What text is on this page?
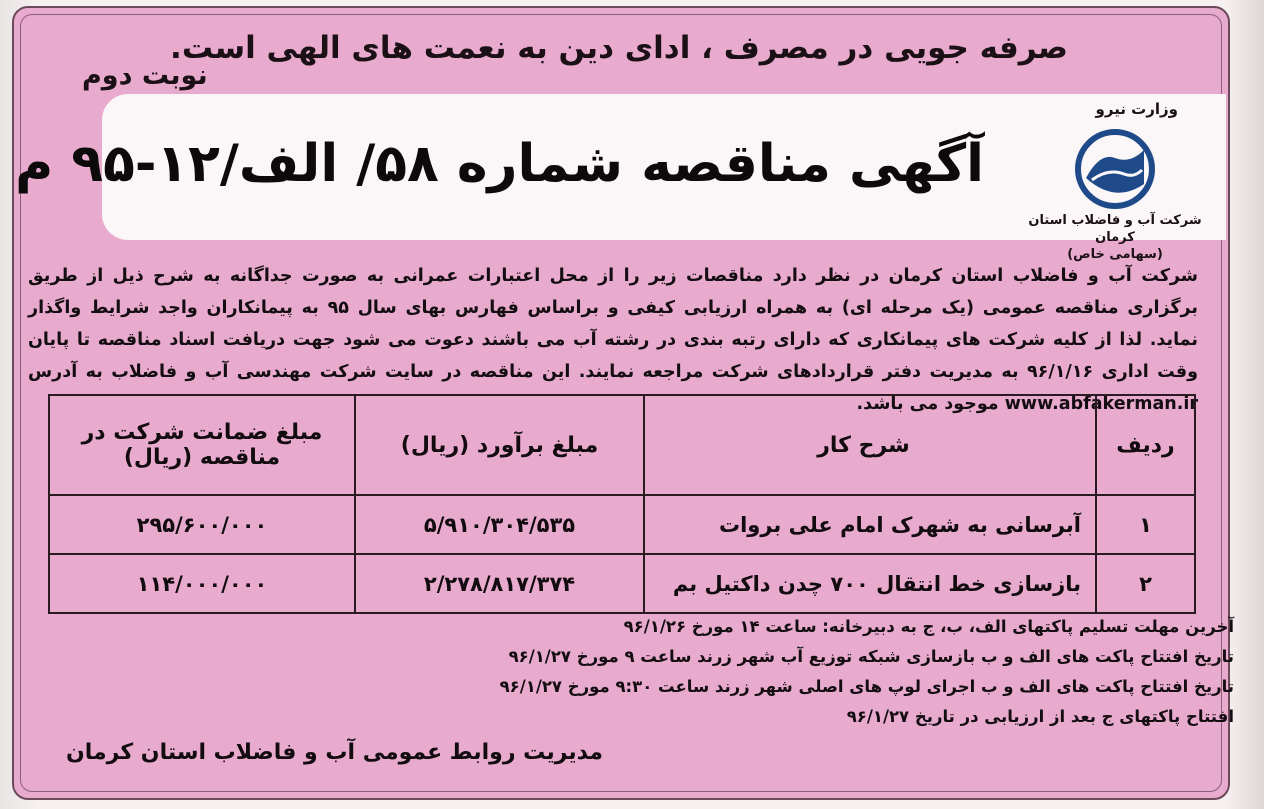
صرفه جویی در مصرف ، ادای دین به نعمت های الهی است.
نوبت دوم
آگهی مناقصه شماره ۵۸/ الف/۱۲-۹۵ م
وزارت نیرو
شرکت آب و فاضلاب استان کرمان
(سهامی خاص)
شرکت آب و فاضلاب استان کرمان در نظر دارد مناقصات زیر را از محل اعتبارات عمرانی به صورت جداگانه به شرح ذیل از طریق برگزاری مناقصه عمومی (یک مرحله ای) به همراه ارزیابی کیفی و براساس فهارس بهای سال ۹۵ به پیمانکاران واجد شرایط واگذار نماید. لذا از کلیه شرکت های پیمانکاری که دارای رتبه بندی در رشته آب می باشند دعوت می شود جهت دریافت اسناد مناقصه تا پایان وقت اداری ۹۶/۱/۱۶ به مدیریت دفتر قراردادهای شرکت مراجعه نمایند. این مناقصه در سایت شرکت مهندسی آب و فاضلاب به آدرس www.abfakerman.ir موجود می باشد.
ردیف	شرح کار	مبلغ برآورد (ریال)	مبلغ ضمانت شرکت در مناقصه (ریال)
۱	آبرسانی به شهرک امام علی بروات	۵/۹۱۰/۳۰۴/۵۳۵	۲۹۵/۶۰۰/۰۰۰
۲	بازسازی خط انتقال ۷۰۰ چدن داکتیل بم	۲/۲۷۸/۸۱۷/۳۷۴	۱۱۴/۰۰۰/۰۰۰
آخرین مهلت تسلیم پاکتهای الف، ب، ج به دبیرخانه: ساعت ۱۴ مورخ ۹۶/۱/۲۶
تاریخ افتتاح پاکت های الف و ب بازسازی شبکه توزیع آب شهر زرند ساعت ۹ مورخ ۹۶/۱/۲۷
تاریخ افتتاح پاکت های الف و ب اجرای لوپ های اصلی شهر زرند ساعت ۹:۳۰ مورخ ۹۶/۱/۲۷
افتتاح پاکتهای ج بعد از ارزیابی در تاریخ ۹۶/۱/۲۷
مدیریت روابط عمومی آب و فاضلاب استان کرمان
